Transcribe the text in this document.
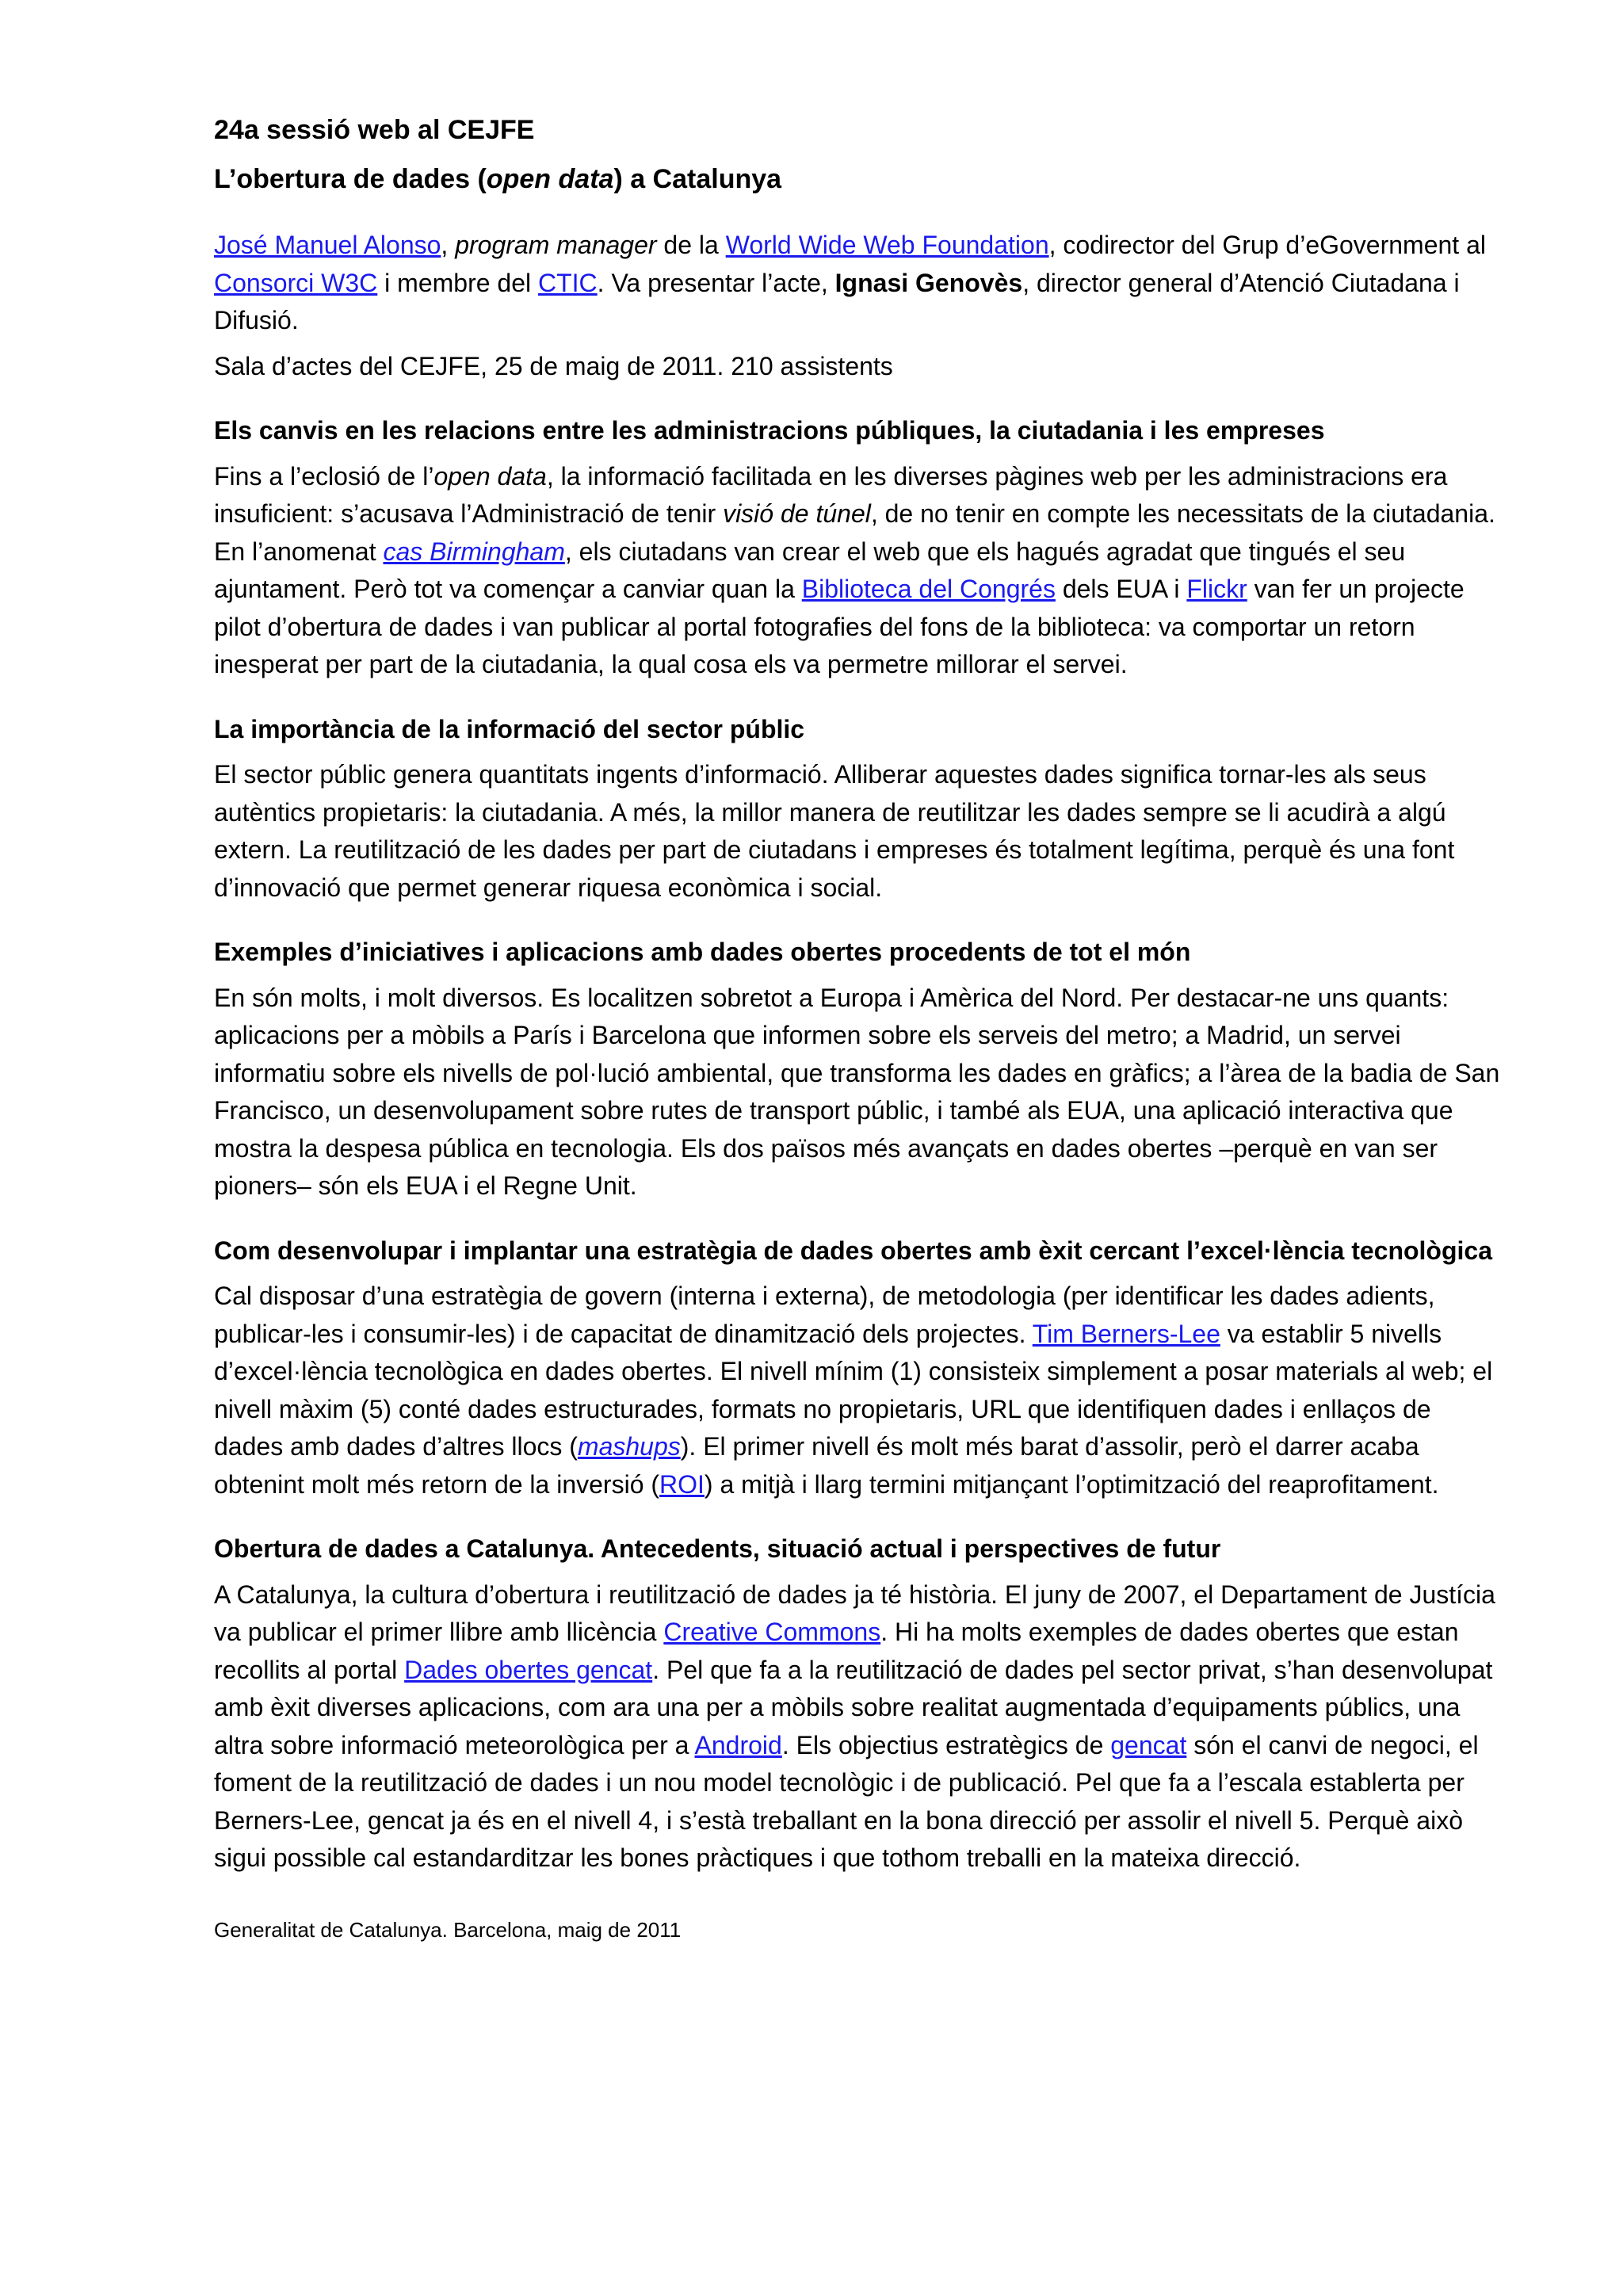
24a sessió web al CEJFE
L’obertura de dades (open data) a Catalunya

José Manuel Alonso, program manager de la World Wide Web Foundation, codirector del Grup d’eGovernment al Consorci W3C i membre del CTIC. Va presentar l’acte, Ignasi Genovès, director general d’Atenció Ciutadana i Difusió.

Sala d’actes del CEJFE, 25 de maig de 2011. 210 assistents

Els canvis en les relacions entre les administracions públiques, la ciutadania i les empreses

Fins a l’eclosió de l’open data, la informació facilitada en les diverses pàgines web per les administracions era insuficient: s’acusava l’Administració de tenir visió de túnel, de no tenir en compte les necessitats de la ciutadania. En l’anomenat cas Birmingham, els ciutadans van crear el web que els hagués agradat que tingués el seu ajuntament. Però tot va començar a canviar quan la Biblioteca del Congrés dels EUA i Flickr van fer un projecte pilot d’obertura de dades i van publicar al portal fotografies del fons de la biblioteca: va comportar un retorn inesperat per part de la ciutadania, la qual cosa els va permetre millorar el servei.

La importància de la informació del sector públic

El sector públic genera quantitats ingents d’informació. Alliberar aquestes dades significa tornar-les als seus autèntics propietaris: la ciutadania. A més, la millor manera de reutilitzar les dades sempre se li acudirà a algú extern. La reutilització de les dades per part de ciutadans i empreses és totalment legítima, perquè és una font d’innovació que permet generar riquesa econòmica i social.

Exemples d’iniciatives i aplicacions amb dades obertes procedents de tot el món

En són molts, i molt diversos. Es localitzen sobretot a Europa i Amèrica del Nord. Per destacar-ne uns quants: aplicacions per a mòbils a París i Barcelona que informen sobre els serveis del metro; a Madrid, un servei informatiu sobre els nivells de pol·lució ambiental, que transforma les dades en gràfics; a l’àrea de la badia de San Francisco, un desenvolupament sobre rutes de transport públic, i també als EUA, una aplicació interactiva que mostra la despesa pública en tecnologia. Els dos països més avançats en dades obertes –perquè en van ser pioners– són els EUA i el Regne Unit.

Com desenvolupar i implantar una estratègia de dades obertes amb èxit cercant l’excel·lència tecnològica

Cal disposar d’una estratègia de govern (interna i externa), de metodologia (per identificar les dades adients, publicar-les i consumir-les) i de capacitat de dinamització dels projectes. Tim Berners-Lee va establir 5 nivells d’excel·lència tecnològica en dades obertes. El nivell mínim (1) consisteix simplement a posar materials al web; el nivell màxim (5) conté dades estructurades, formats no propietaris, URL que identifiquen dades i enllaços de dades amb dades d’altres llocs (mashups). El primer nivell és molt més barat d’assolir, però el darrer acaba obtenint molt més retorn de la inversió (ROI) a mitjà i llarg termini mitjançant l’optimització del reaprofitament.

Obertura de dades a Catalunya. Antecedents, situació actual i perspectives de futur

A Catalunya, la cultura d’obertura i reutilització de dades ja té història. El juny de 2007, el Departament de Justícia va publicar el primer llibre amb llicència Creative Commons. Hi ha molts exemples de dades obertes que estan recollits al portal Dades obertes gencat. Pel que fa a la reutilització de dades pel sector privat, s’han desenvolupat amb èxit diverses aplicacions, com ara una per a mòbils sobre realitat augmentada d’equipaments públics, una altra sobre informació meteorològica per a Android. Els objectius estratègics de gencat són el canvi de negoci, el foment de la reutilització de dades i un nou model tecnològic i de publicació. Pel que fa a l’escala establerta per Berners-Lee, gencat ja és en el nivell 4, i s’està treballant en la bona direcció per assolir el nivell 5. Perquè això sigui possible cal estandarditzar les bones pràctiques i que tothom treballi en la mateixa direcció.

Generalitat de Catalunya. Barcelona, maig de 2011
